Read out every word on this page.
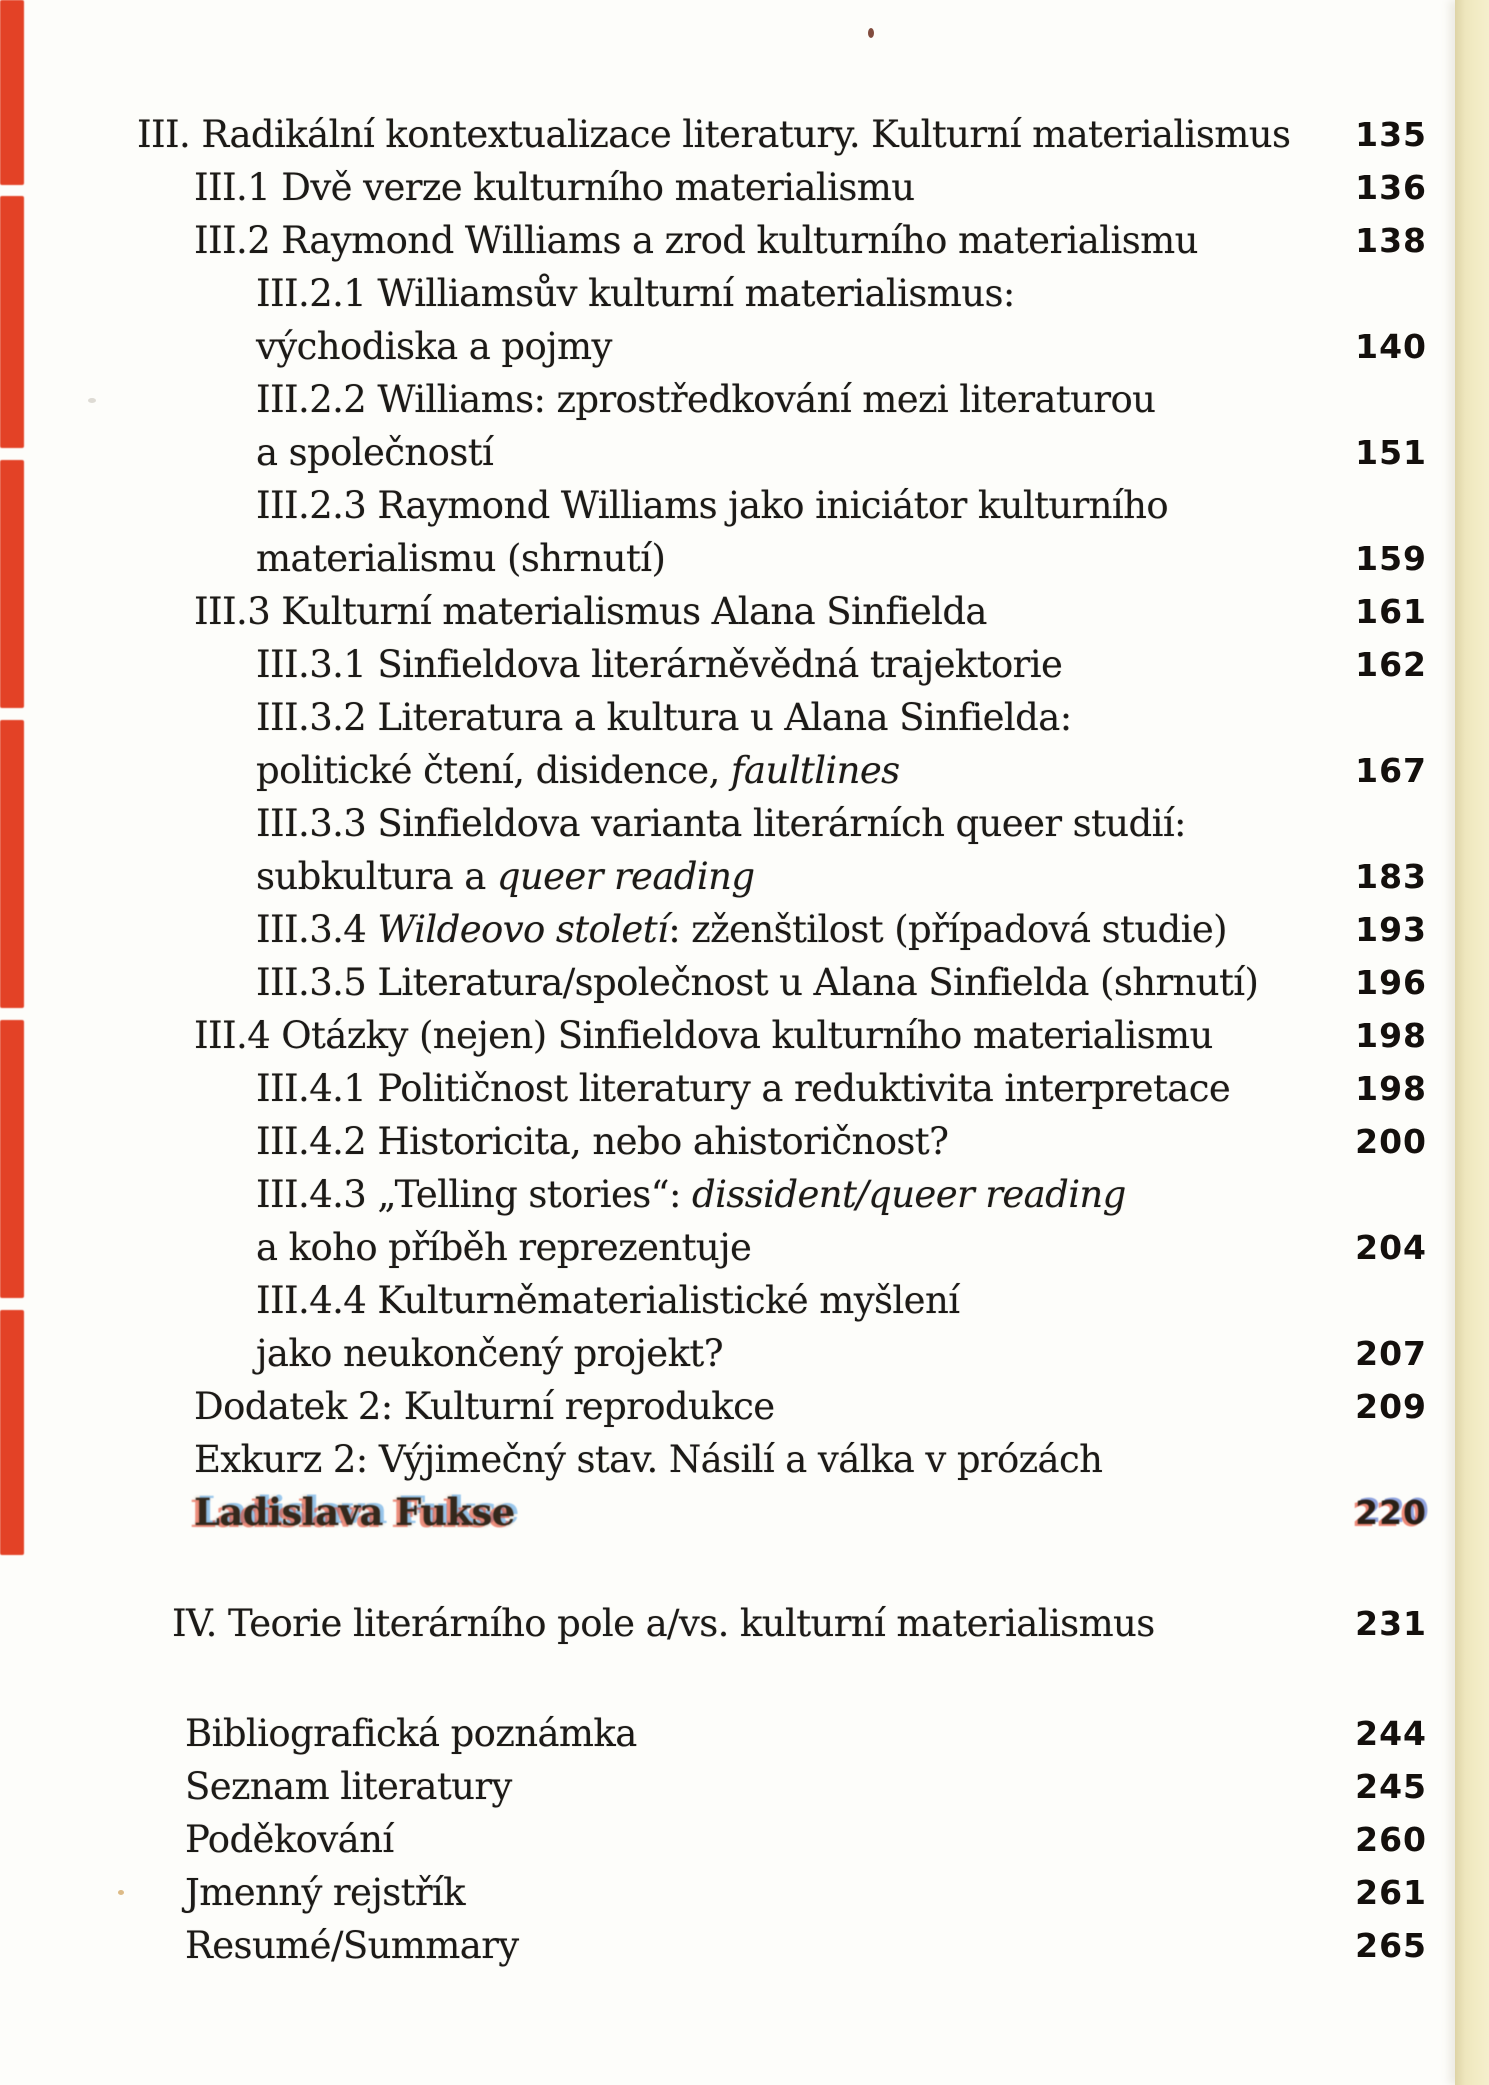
III. Radikální kontextualizace literatury. Kulturní materialismus	135
III.1 Dvě verze kulturního materialismu	136
III.2 Raymond Williams a zrod kulturního materialismu	138
III.2.1 Williamsův kulturní materialismus:
východiska a pojmy	140
III.2.2 Williams: zprostředkování mezi literaturou
a společností	151
III.2.3 Raymond Williams jako iniciátor kulturního
materialismu (shrnutí)	159
III.3 Kulturní materialismus Alana Sinfielda	161
III.3.1 Sinfieldova literárněvědná trajektorie	162
III.3.2 Literatura a kultura u Alana Sinfielda:
politické čtení, disidence, faultlines	167
III.3.3 Sinfieldova varianta literárních queer studií:
subkultura a queer reading	183
III.3.4 Wildeovo století: zženštilost (případová studie)	193
III.3.5 Literatura/společnost u Alana Sinfielda (shrnutí)	196
III.4 Otázky (nejen) Sinfieldova kulturního materialismu	198
III.4.1 Političnost literatury a reduktivita interpretace	198
III.4.2 Historicita, nebo ahistoričnost?	200
III.4.3 „Telling stories“: dissident/queer reading
a koho příběh reprezentuje	204
III.4.4 Kulturněmaterialistické myšlení
jako neukončený projekt?	207
Dodatek 2: Kulturní reprodukce	209
Exkurz 2: Výjimečný stav. Násilí a válka v prózách
Ladislava Fukse	220
IV. Teorie literárního pole a/vs. kulturní materialismus	231
Bibliografická poznámka	244
Seznam literatury	245
Poděkování	260
Jmenný rejstřík	261
Resumé/Summary	265
